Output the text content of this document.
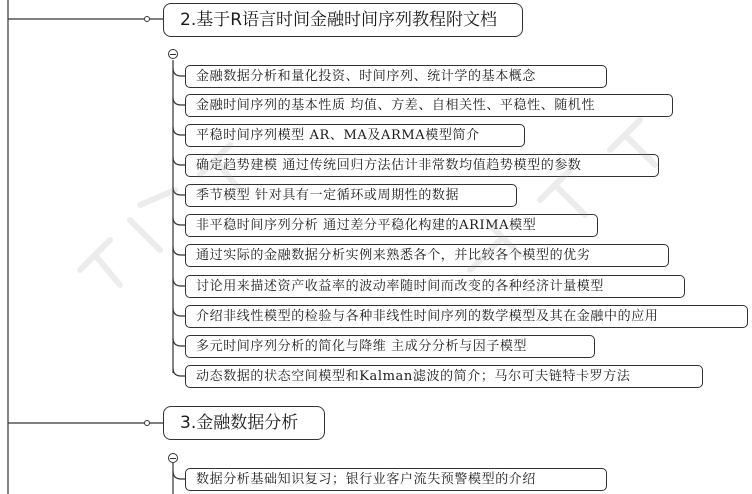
2.基于R语言时间金融时间序列教程附文档
金融数据分析和量化投资、时间序列、统计学的基本概念
金融时间序列的基本性质 均值、方差、自相关性、平稳性、随机性
平稳时间序列模型 AR、MA及ARMA模型简介
确定趋势建模 通过传统回归方法估计非常数均值趋势模型的参数
季节模型 针对具有一定循环或周期性的数据
非平稳时间序列分析 通过差分平稳化构建的ARIMA模型
通过实际的金融数据分析实例来熟悉各个，并比较各个模型的优劣
讨论用来描述资产收益率的波动率随时间而改变的各种经济计量模型
介绍非线性模型的检验与各种非线性时间序列的数学模型及其在金融中的应用
多元时间序列分析的简化与降维 主成分分析与因子模型
动态数据的状态空间模型和Kalman滤波的简介；马尔可夫链特卡罗方法
3.金融数据分析
数据分析基础知识复习；银行业客户流失预警模型的介绍
